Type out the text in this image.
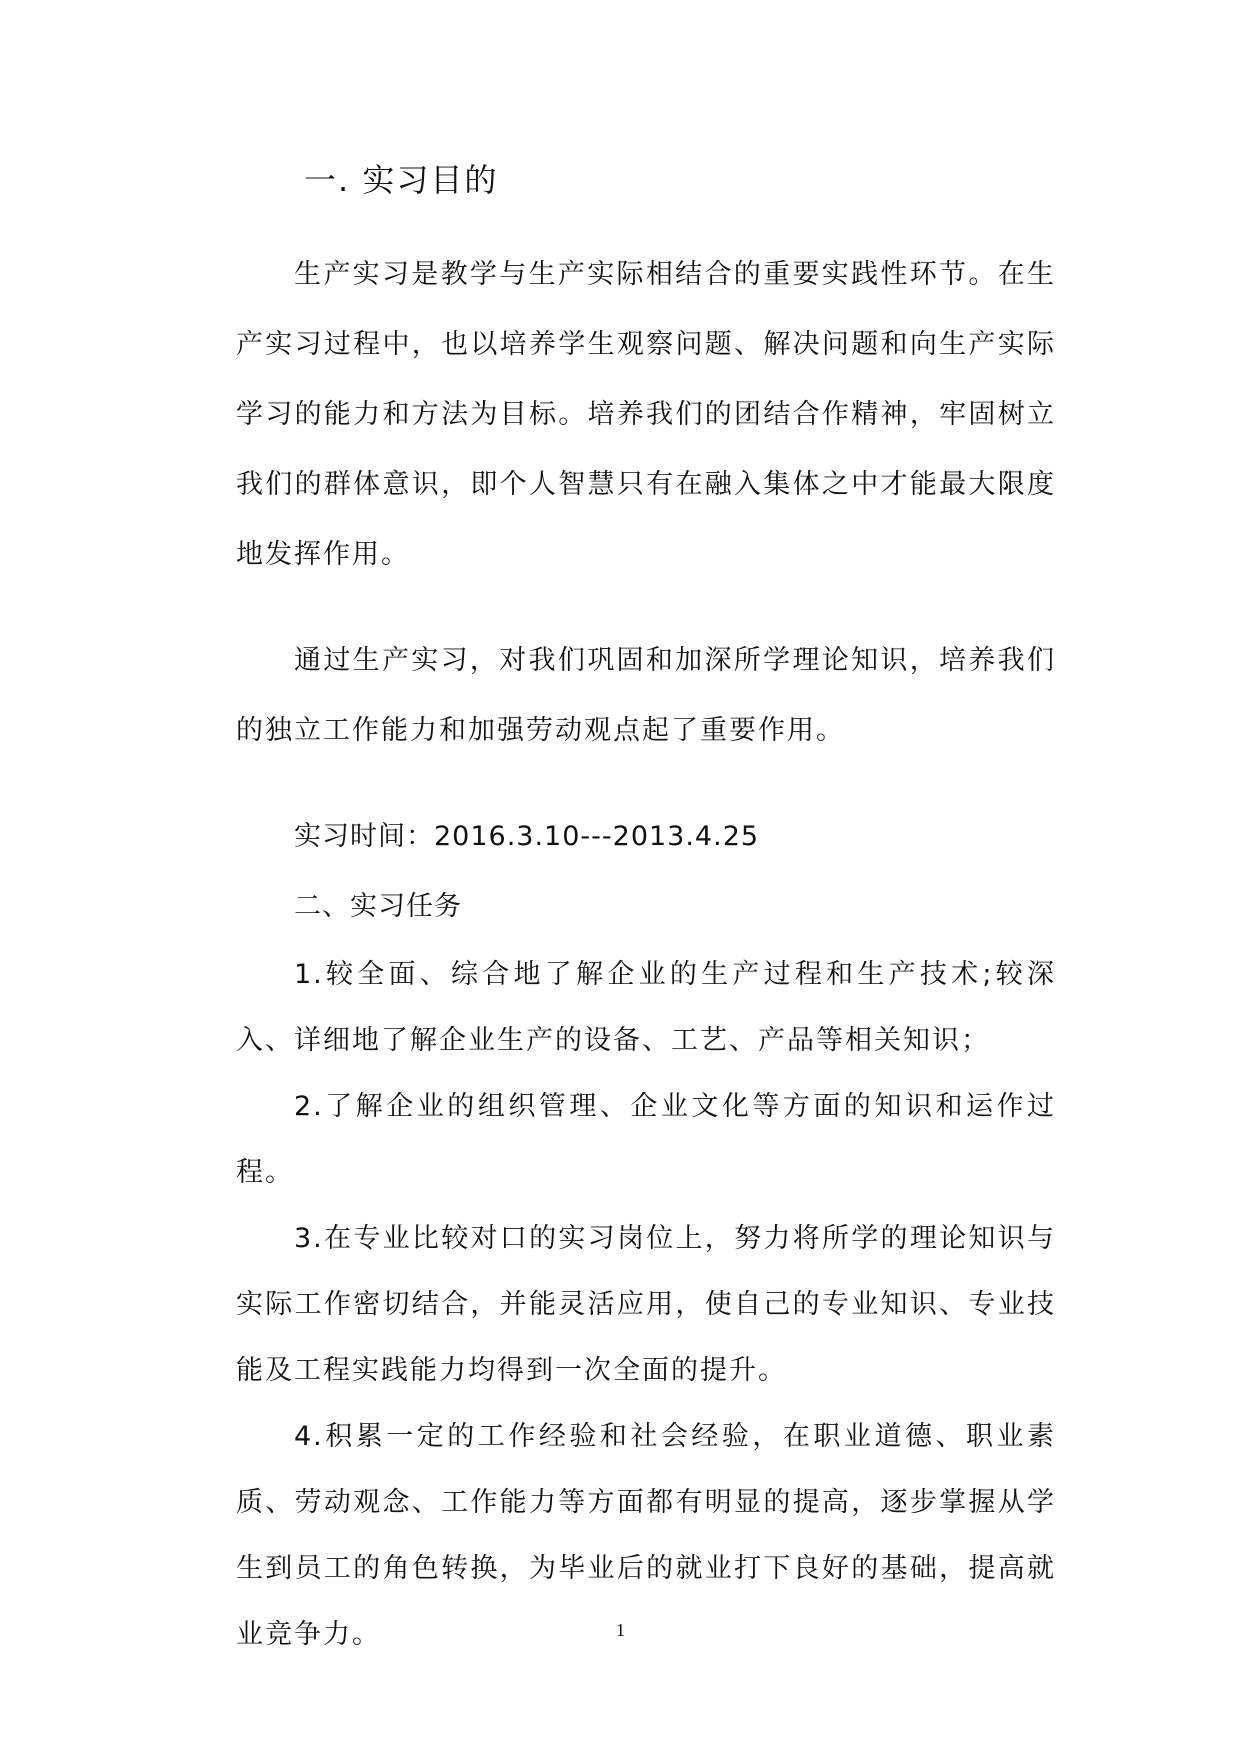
一. 实习目的

生产实习是教学与生产实际相结合的重要实践性环节。在生产实习过程中，也以培养学生观察问题、解决问题和向生产实际学习的能力和方法为目标。培养我们的团结合作精神，牢固树立我们的群体意识，即个人智慧只有在融入集体之中才能最大限度地发挥作用。

通过生产实习，对我们巩固和加深所学理论知识，培养我们的独立工作能力和加强劳动观点起了重要作用。

实习时间：2016.3.10---2013.4.25
二、实习任务

1.较全面、综合地了解企业的生产过程和生产技术;较深入、详细地了解企业生产的设备、工艺、产品等相关知识；

2.了解企业的组织管理、企业文化等方面的知识和运作过程。

3.在专业比较对口的实习岗位上，努力将所学的理论知识与实际工作密切结合，并能灵活应用，使自己的专业知识、专业技能及工程实践能力均得到一次全面的提升。

4.积累一定的工作经验和社会经验，在职业道德、职业素质、劳动观念、工作能力等方面都有明显的提高，逐步掌握从学生到员工的角色转换，为毕业后的就业打下良好的基础，提高就业竞争力。	1
